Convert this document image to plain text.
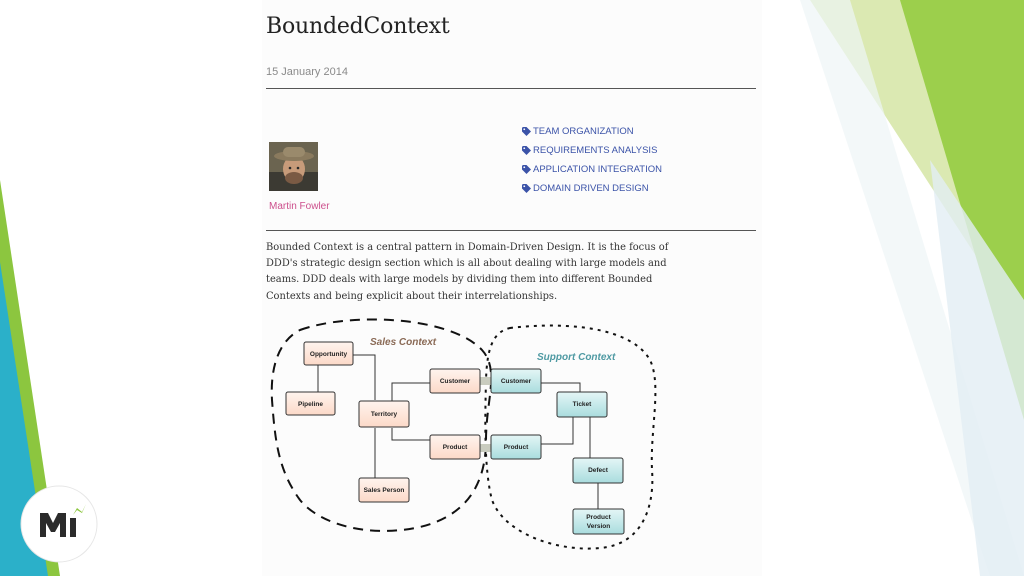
BoundedContext
15 January 2014
Martin Fowler
TEAM ORGANIZATION
REQUIREMENTS ANALYSIS
APPLICATION INTEGRATION
DOMAIN DRIVEN DESIGN

Bounded Context is a central pattern in Domain-Driven Design. It is the focus of DDD's strategic design section which is all about dealing with large models and teams. DDD deals with large models by dividing them into different Bounded Contexts and being explicit about their interrelationships.

Sales Context
Support Context
Opportunity
Pipeline
Territory
Customer
Product
Sales Person
Customer
Product
Ticket
Defect
Product
Version
